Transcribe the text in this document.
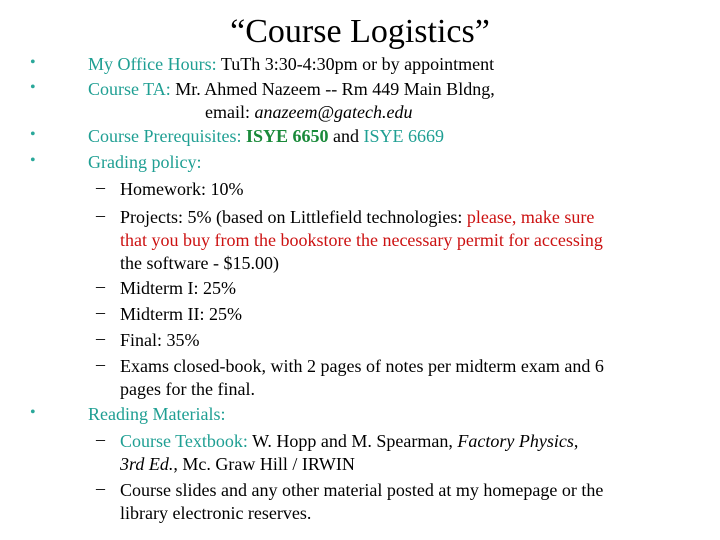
“Course Logistics”
•	My Office Hours: TuTh 3:30-4:30pm or by appointment
•	Course TA: Mr. Ahmed Nazeem -- Rm 449 Main Bldng,
email: anazeem@gatech.edu
•	Course Prerequisites: ISYE 6650 and ISYE 6669
•	Grading policy:
– Homework: 10%
– Projects: 5% (based on Littlefield technologies: please, make sure
that you buy from the bookstore the necessary permit for accessing
the software - $15.00)
– Midterm I: 25%
– Midterm II: 25%
– Final: 35%
– Exams closed-book, with 2 pages of notes per midterm exam and 6
pages for the final.
•	Reading Materials:
– Course Textbook: W. Hopp and M. Spearman, Factory Physics,
3rd Ed., Mc. Graw Hill / IRWIN
– Course slides and any other material posted at my homepage or the
library electronic reserves.
